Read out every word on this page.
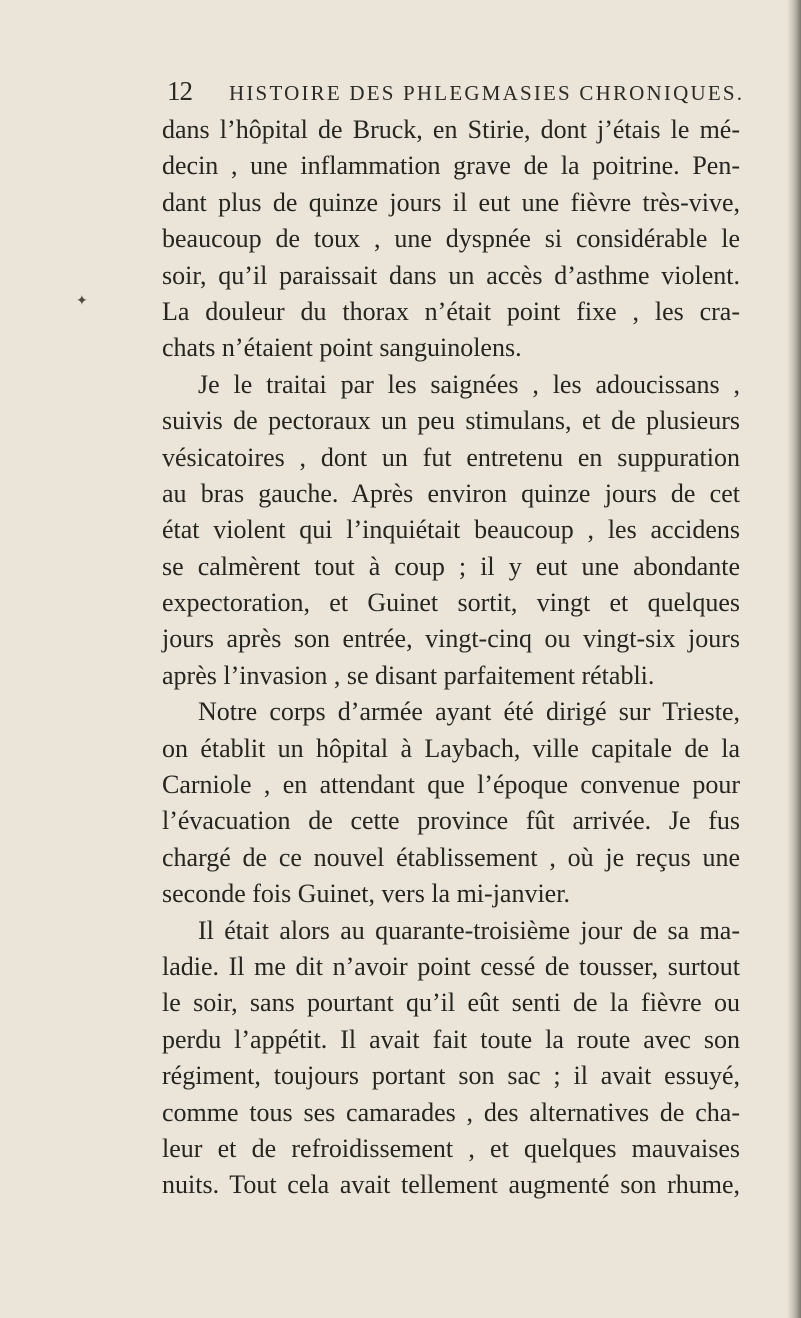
12 HISTOIRE DES PHLEGMASIES CHRONIQUES.
dans l’hôpital de Bruck, en Stirie, dont j’étais le mé-
decin , une inflammation grave de la poitrine. Pen-
dant plus de quinze jours il eut une fièvre très-vive,
beaucoup de toux , une dyspnée si considérable le
soir, qu’il paraissait dans un accès d’asthme violent.
La douleur du thorax n’était point fixe , les cra-
chats n’étaient point sanguinolens.
Je le traitai par les saignées , les adoucissans ,
suivis de pectoraux un peu stimulans, et de plusieurs
vésicatoires , dont un fut entretenu en suppuration
au bras gauche. Après environ quinze jours de cet
état violent qui l’inquiétait beaucoup , les accidens
se calmèrent tout à coup ; il y eut une abondante
expectoration, et Guinet sortit, vingt et quelques
jours après son entrée, vingt-cinq ou vingt-six jours
après l’invasion , se disant parfaitement rétabli.
Notre corps d’armée ayant été dirigé sur Trieste,
on établit un hôpital à Laybach, ville capitale de la
Carniole , en attendant que l’époque convenue pour
l’évacuation de cette province fût arrivée. Je fus
chargé de ce nouvel établissement , où je reçus une
seconde fois Guinet, vers la mi-janvier.
Il était alors au quarante-troisième jour de sa ma-
ladie. Il me dit n’avoir point cessé de tousser, surtout
le soir, sans pourtant qu’il eût senti de la fièvre ou
perdu l’appétit. Il avait fait toute la route avec son
régiment, toujours portant son sac ; il avait essuyé,
comme tous ses camarades , des alternatives de cha-
leur et de refroidissement , et quelques mauvaises
nuits. Tout cela avait tellement augmenté son rhume,
✦
